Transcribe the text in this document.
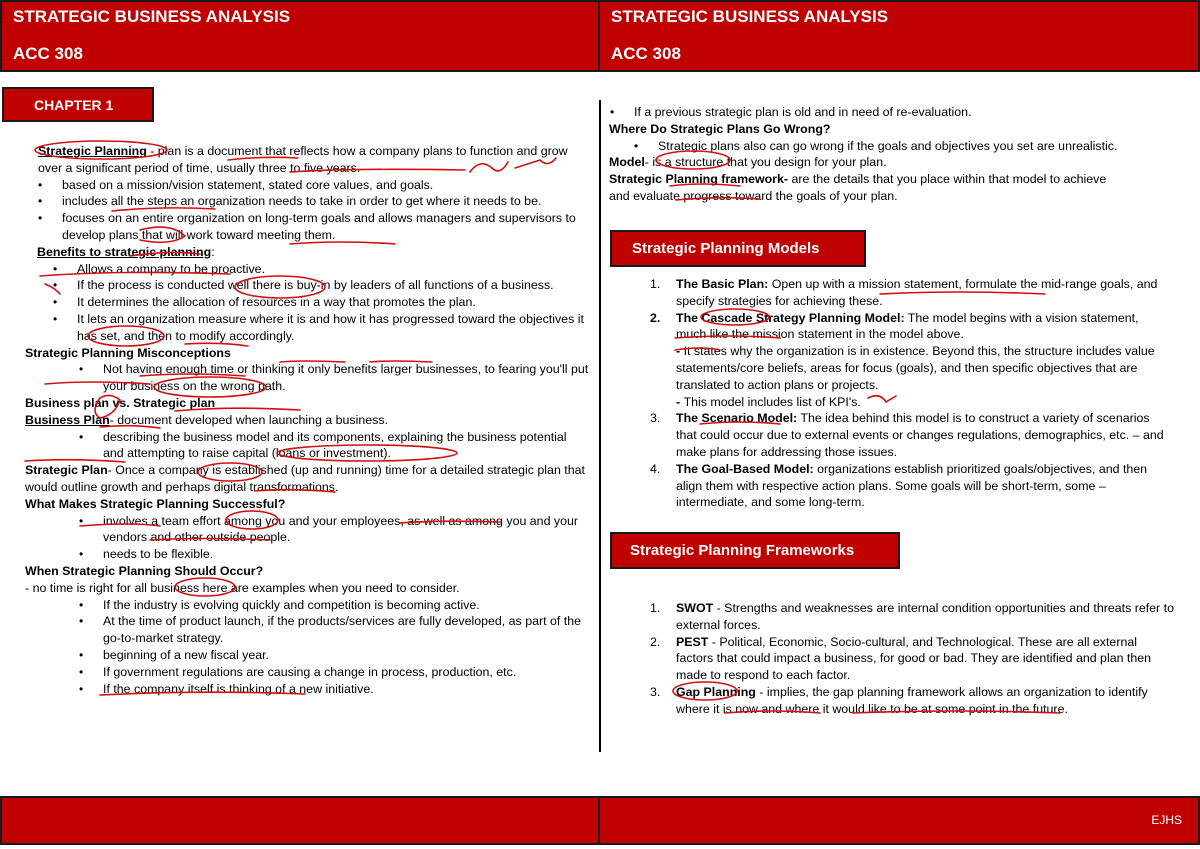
STRATEGIC BUSINESS ANALYSIS
ACC 308
STRATEGIC BUSINESS ANALYSIS
ACC 308
CHAPTER 1

Strategic Planning - plan is a document that reflects how a company plans to function and grow over a significant period of time, usually three to five years.

• based on a mission/vision statement, stated core values, and goals.
• includes all the steps an organization needs to take in order to get where it needs to be.
• focuses on an entire organization on long-term goals and allows managers and supervisors to develop plans that will work toward meeting them.

Benefits to strategic planning:

• Allows a company to be proactive.
• If the process is conducted well there is buy-in by leaders of all functions of a business.
• It determines the allocation of resources in a way that promotes the plan.
• It lets an organization measure where it is and how it has progressed toward the objectives it has set, and then to modify accordingly.

Strategic Planning Misconceptions

• Not having enough time or thinking it only benefits larger businesses, to fearing you'll put your business on the wrong path.

Business plan vs. Strategic plan

Business Plan- document developed when launching a business.

• describing the business model and its components, explaining the business potential and attempting to raise capital (loans or investment).

Strategic Plan- Once a company is established (up and running) time for a detailed strategic plan that would outline growth and perhaps digital transformations.

What Makes Strategic Planning Successful?

• involves a team effort among you and your employees, as well as among you and your vendors and other outside people.
• needs to be flexible.

When Strategic Planning Should Occur?

- no time is right for all business here are examples when you need to consider.

• If the industry is evolving quickly and competition is becoming active.
• At the time of product launch, if the products/services are fully developed, as part of the go-to-market strategy.
• beginning of a new fiscal year.
• If government regulations are causing a change in process, production, etc.
• If the company itself is thinking of a new initiative.
• If a previous strategic plan is old and in need of re-evaluation.

Where Do Strategic Plans Go Wrong?

• Strategic plans also can go wrong if the goals and objectives you set are unrealistic.

Model- is a structure that you design for your plan.

Strategic Planning framework- are the details that you place within that model to achieve and evaluate progress toward the goals of your plan.

Strategic Planning Models
1. The Basic Plan: Open up with a mission statement, formulate the mid-range goals, and specify strategies for achieving these.
2. The Cascade Strategy Planning Model: The model begins with a vision statement, much like the mission statement in the model above.
- It states why the organization is in existence. Beyond this, the structure includes value statements/core beliefs, areas for focus (goals), and then specific objectives that are translated to action plans or projects.
- This model includes list of KPI's.
3. The Scenario Model: The idea behind this model is to construct a variety of scenarios that could occur due to external events or changes regulations, demographics, etc. – and make plans for addressing those issues.
4. The Goal-Based Model: organizations establish prioritized goals/objectives, and then align them with respective action plans. Some goals will be short-term, some – intermediate, and some long-term.
Strategic Planning Frameworks
1. SWOT - Strengths and weaknesses are internal condition opportunities and threats refer to external forces.
2. PEST - Political, Economic, Socio-cultural, and Technological. These are all external factors that could impact a business, for good or bad. They are identified and plan then made to respond to each factor.
3. Gap Planning - implies, the gap planning framework allows an organization to identify where it is now and where it would like to be at some point in the future.
EJHS
